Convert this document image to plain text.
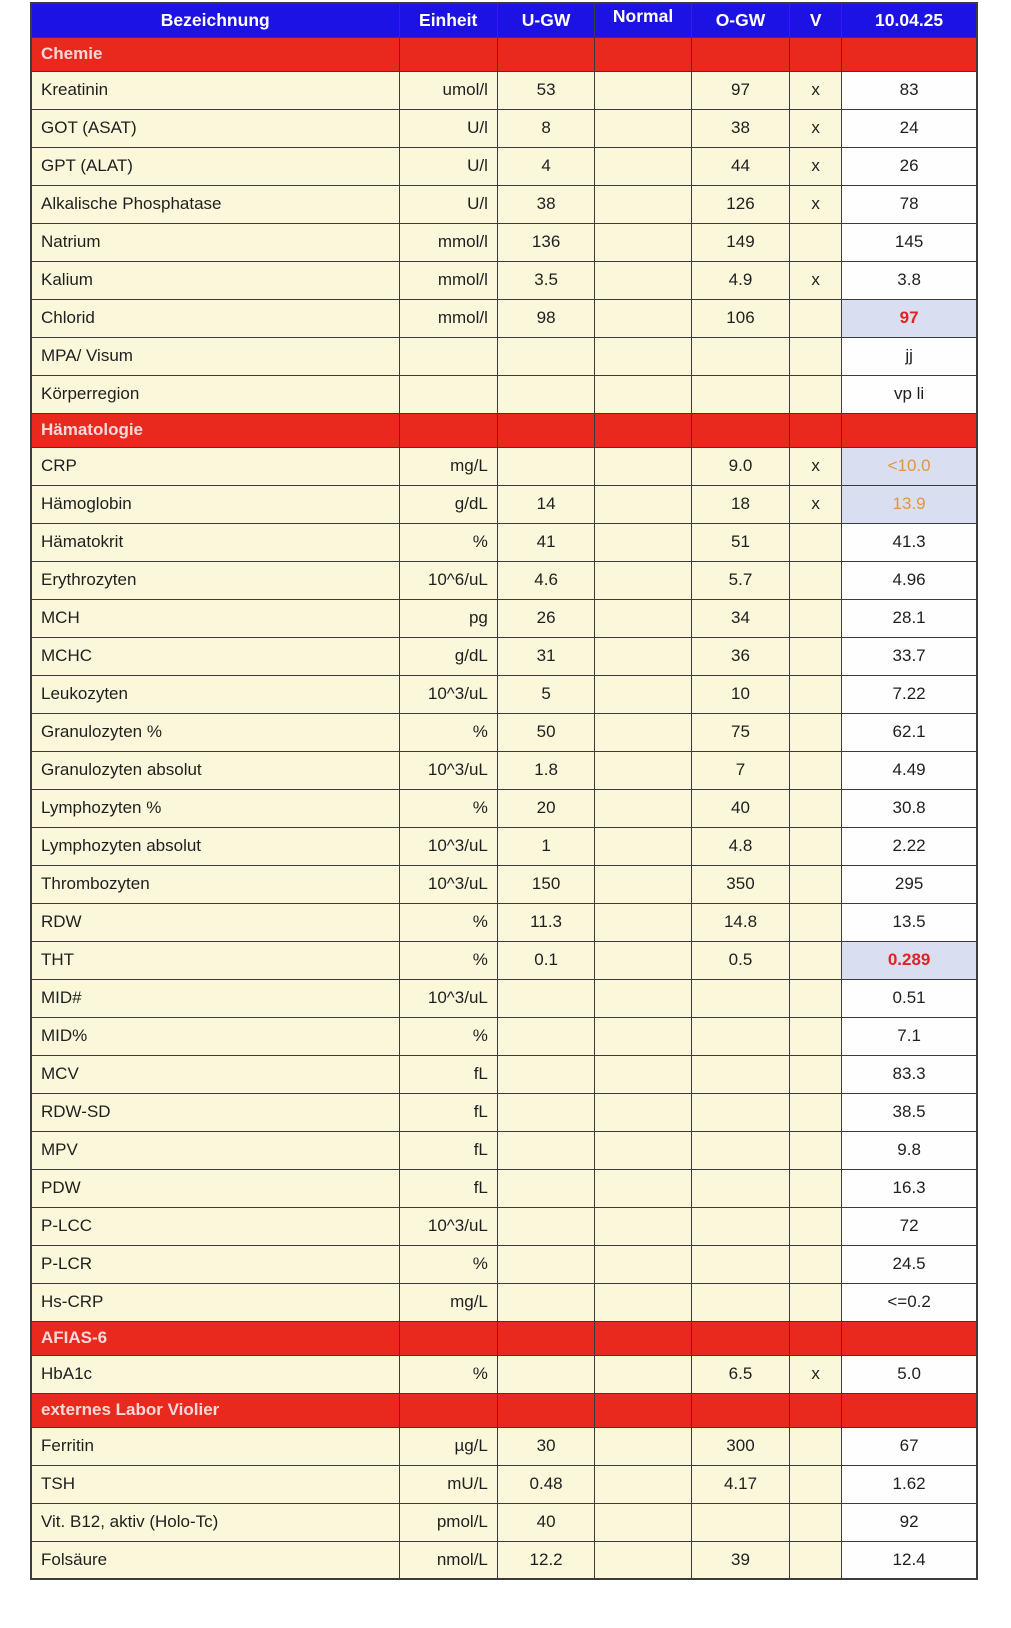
Bezeichnung	Einheit	U-GW	Normal	O-GW	V	10.04.25
Chemie						
Kreatinin	umol/l	53		97	x	83
GOT (ASAT)	U/l	8		38	x	24
GPT (ALAT)	U/l	4		44	x	26
Alkalische Phosphatase	U/l	38		126	x	78
Natrium	mmol/l	136		149		145
Kalium	mmol/l	3.5		4.9	x	3.8
Chlorid	mmol/l	98		106		97
MPA/ Visum						jj
Körperregion						vp li
Hämatologie						
CRP	mg/L			9.0	x	<10.0
Hämoglobin	g/dL	14		18	x	13.9
Hämatokrit	%	41		51		41.3
Erythrozyten	10^6/uL	4.6		5.7		4.96
MCH	pg	26		34		28.1
MCHC	g/dL	31		36		33.7
Leukozyten	10^3/uL	5		10		7.22
Granulozyten %	%	50		75		62.1
Granulozyten absolut	10^3/uL	1.8		7		4.49
Lymphozyten %	%	20		40		30.8
Lymphozyten absolut	10^3/uL	1		4.8		2.22
Thrombozyten	10^3/uL	150		350		295
RDW	%	11.3		14.8		13.5
THT	%	0.1		0.5		0.289
MID#	10^3/uL					0.51
MID%	%					7.1
MCV	fL					83.3
RDW-SD	fL					38.5
MPV	fL					9.8
PDW	fL					16.3
P-LCC	10^3/uL					72
P-LCR	%					24.5
Hs-CRP	mg/L					<=0.2
AFIAS-6						
HbA1c	%			6.5	x	5.0
externes Labor Violier						
Ferritin	µg/L	30		300		67
TSH	mU/L	0.48		4.17		1.62
Vit. B12, aktiv (Holo-Tc)	pmol/L	40				92
Folsäure	nmol/L	12.2		39		12.4
